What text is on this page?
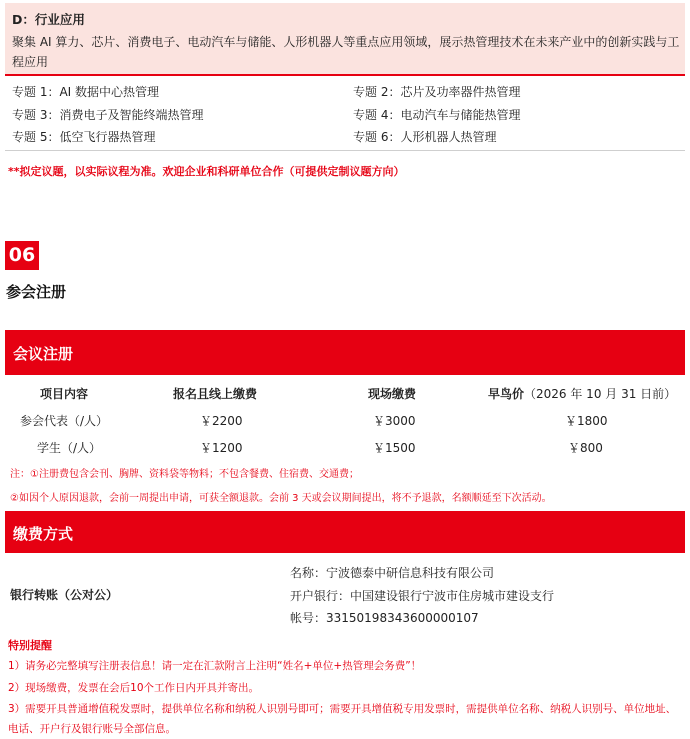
D：行业应用
聚集 AI 算力、芯片、消费电子、电动汽车与储能、人形机器人等重点应用领域，展示热管理技术在未来产业中的创新实践与工程应用
专题 1：AI 数据中心热管理	专题 2：芯片及功率器件热管理
专题 3：消费电子及智能终端热管理	专题 4：电动汽车与储能热管理
专题 5：低空飞行器热管理	专题 6：人形机器人热管理
**拟定议题，以实际议程为准。欢迎企业和科研单位合作（可提供定制议题方向）
06
参会注册
会议注册
项目内容	报名且线上缴费	现场缴费	早鸟价（2026 年 10 月 31 日前）
参会代表（/人）	￥2200	￥3000	￥1800
学生（/人）	￥1200	￥1500	￥800
注：①注册费包含会刊、胸牌、资料袋等物料；不包含餐费、住宿费、交通费；
②如因个人原因退款，会前一周提出申请，可获全额退款。会前 3 天或会议期间提出，将不予退款，名额顺延至下次活动。
缴费方式
银行转账（公对公）
名称：宁波德泰中研信息科技有限公司
开户银行：中国建设银行宁波市住房城市建设支行
帐号：33150198343600000107
特别提醒
1）请务必完整填写注册表信息！请一定在汇款附言上注明“姓名+单位+热管理会务费”！
2）现场缴费，发票在会后10个工作日内开具并寄出。
3）需要开具普通增值税发票时，提供单位名称和纳税人识别号即可；需要开具增值税专用发票时，需提供单位名称、纳税人识别号、单位地址、电话、开户行及银行账号全部信息。
